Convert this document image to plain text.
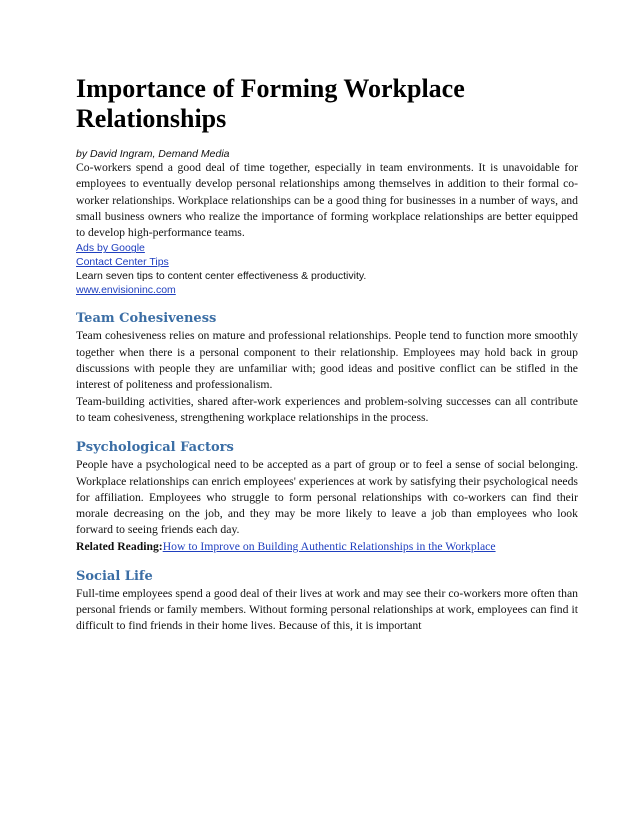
Importance of Forming Workplace Relationships
by David Ingram, Demand Media

Co-workers spend a good deal of time together, especially in team environments. It is unavoidable for employees to eventually develop personal relationships among themselves in addition to their formal co-worker relationships. Workplace relationships can be a good thing for businesses in a number of ways, and small business owners who realize the importance of forming workplace relationships are better equipped to develop high-performance teams.

Ads by Google

Contact Center Tips

Learn seven tips to content center effectiveness & productivity.

www.envisioninc.com

Team Cohesiveness

Team cohesiveness relies on mature and professional relationships. People tend to function more smoothly together when there is a personal component to their relationship. Employees may hold back in group discussions with people they are unfamiliar with; good ideas and positive conflict can be stifled in the interest of politeness and professionalism.

Team-building activities, shared after-work experiences and problem-solving successes can all contribute to team cohesiveness, strengthening workplace relationships in the process.

Psychological Factors

People have a psychological need to be accepted as a part of group or to feel a sense of social belonging. Workplace relationships can enrich employees' experiences at work by satisfying their psychological needs for affiliation. Employees who struggle to form personal relationships with co-workers can find their morale decreasing on the job, and they may be more likely to leave a job than employees who look forward to seeing friends each day.

Related Reading:How to Improve on Building Authentic Relationships in the Workplace

Social Life

Full-time employees spend a good deal of their lives at work and may see their co-workers more often than personal friends or family members. Without forming personal relationships at work, employees can find it difficult to find friends in their home lives. Because of this, it is important
